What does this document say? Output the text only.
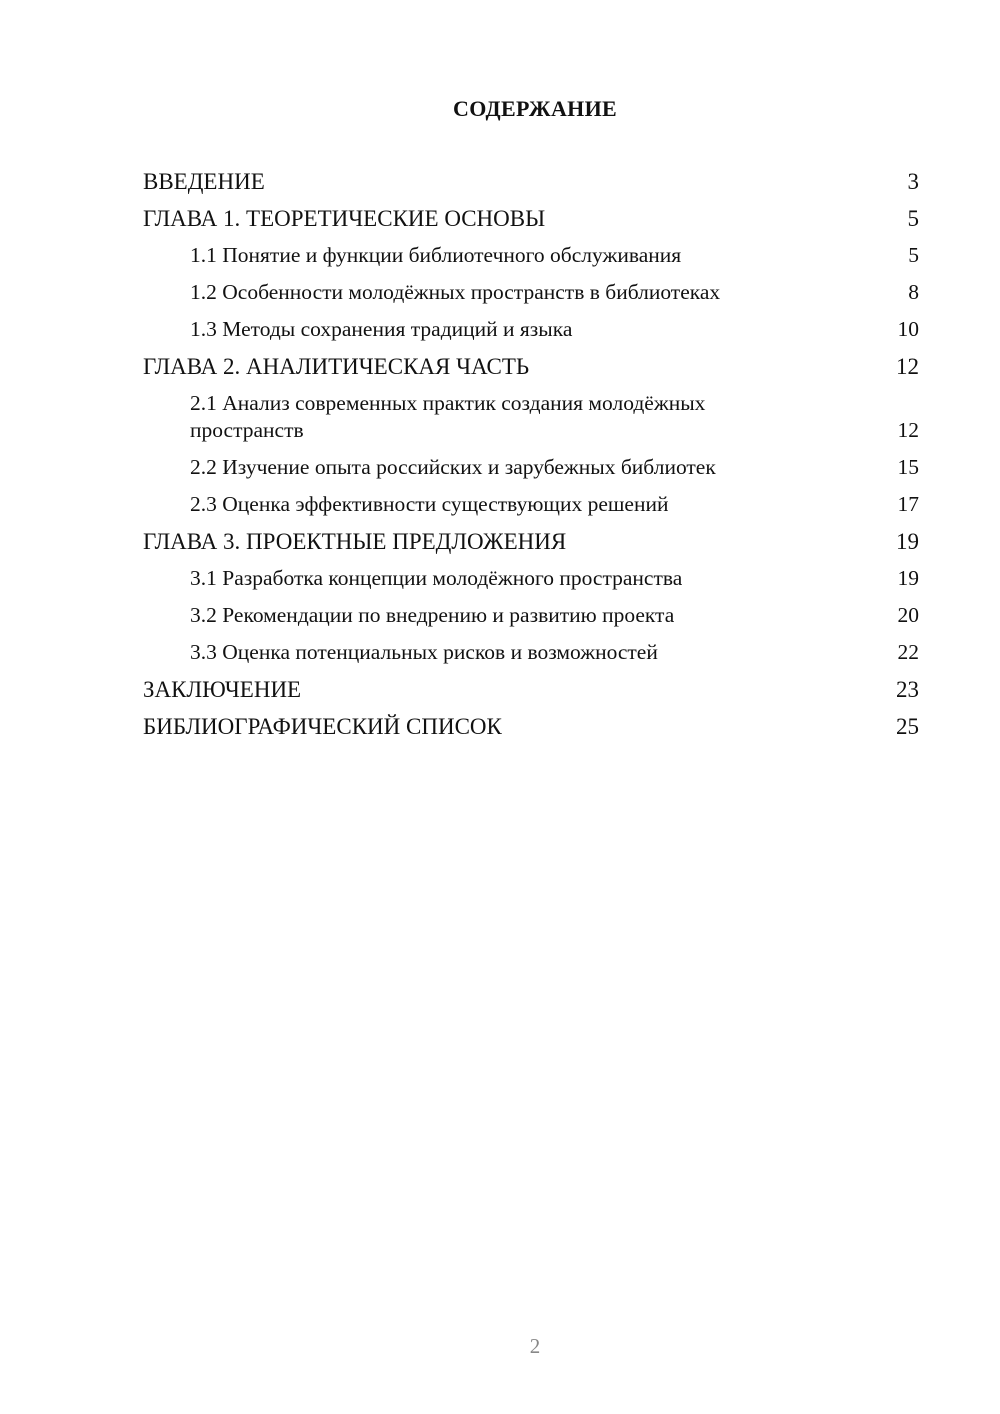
СОДЕРЖАНИЕ
ВВЕДЕНИЕ	3
ГЛАВА 1. ТЕОРЕТИЧЕСКИЕ ОСНОВЫ	5
1.1 Понятие и функции библиотечного обслуживания	5
1.2 Особенности молодёжных пространств в библиотеках	8
1.3 Методы сохранения традиций и языка	10
ГЛАВА 2. АНАЛИТИЧЕСКАЯ ЧАСТЬ	12
2.1 Анализ современных практик создания молодёжных пространств	12
2.2 Изучение опыта российских и зарубежных библиотек	15
2.3 Оценка эффективности существующих решений	17
ГЛАВА 3. ПРОЕКТНЫЕ ПРЕДЛОЖЕНИЯ	19
3.1 Разработка концепции молодёжного пространства	19
3.2 Рекомендации по внедрению и развитию проекта	20
3.3 Оценка потенциальных рисков и возможностей	22
ЗАКЛЮЧЕНИЕ	23
БИБЛИОГРАФИЧЕСКИЙ СПИСОК	25
2
